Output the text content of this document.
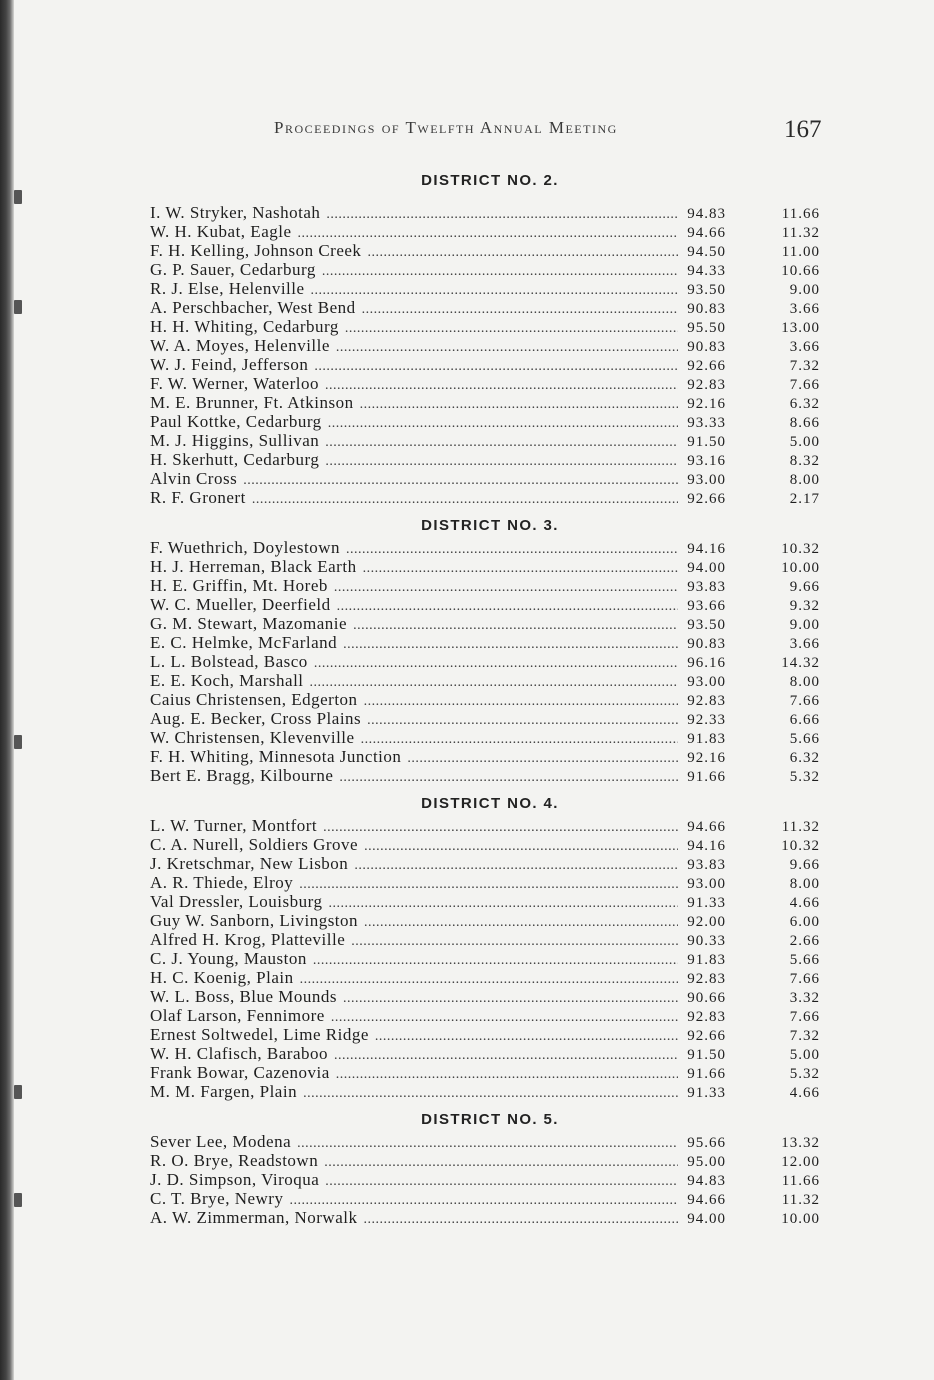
Proceedings of Twelfth Annual Meeting	167
DISTRICT NO. 2.
I. W. Stryker, Nashotah .....	94.83	11.66
W. H. Kubat, Eagle .....	94.66	11.32
F. H. Kelling, Johnson Creek .....	94.50	11.00
G. P. Sauer, Cedarburg .....	94.33	10.66
R. J. Else, Helenville .....	93.50	9.00
A. Perschbacher, West Bend .....	90.83	3.66
H. H. Whiting, Cedarburg .....	95.50	13.00
W. A. Moyes, Helenville .....	90.83	3.66
W. J. Feind, Jefferson .....	92.66	7.32
F. W. Werner, Waterloo .....	92.83	7.66
M. E. Brunner, Ft. Atkinson .....	92.16	6.32
Paul Kottke, Cedarburg .....	93.33	8.66
M. J. Higgins, Sullivan .....	91.50	5.00
H. Skerhutt, Cedarburg .....	93.16	8.32
Alvin Cross .....	93.00	8.00
R. F. Gronert .....	92.66	2.17
DISTRICT NO. 3.
F. Wuethrich, Doylestown .....	94.16	10.32
H. J. Herreman, Black Earth .....	94.00	10.00
H. E. Griffin, Mt. Horeb .....	93.83	9.66
W. C. Mueller, Deerfield .....	93.66	9.32
G. M. Stewart, Mazomanie .....	93.50	9.00
E. C. Helmke, McFarland .....	90.83	3.66
L. L. Bolstead, Basco .....	96.16	14.32
E. E. Koch, Marshall .....	93.00	8.00
Caius Christensen, Edgerton .....	92.83	7.66
Aug. E. Becker, Cross Plains .....	92.33	6.66
W. Christensen, Klevenville .....	91.83	5.66
F. H. Whiting, Minnesota Junction .....	92.16	6.32
Bert E. Bragg, Kilbourne .....	91.66	5.32
DISTRICT NO. 4.
L. W. Turner, Montfort .....	94.66	11.32
C. A. Nurell, Soldiers Grove .....	94.16	10.32
J. Kretschmar, New Lisbon .....	93.83	9.66
A. R. Thiede, Elroy .....	93.00	8.00
Val Dressler, Louisburg .....	91.33	4.66
Guy W. Sanborn, Livingston .....	92.00	6.00
Alfred H. Krog, Platteville .....	90.33	2.66
C. J. Young, Mauston .....	91.83	5.66
H. C. Koenig, Plain .....	92.83	7.66
W. L. Boss, Blue Mounds .....	90.66	3.32
Olaf Larson, Fennimore .....	92.83	7.66
Ernest Soltwedel, Lime Ridge .....	92.66	7.32
W. H. Clafisch, Baraboo .....	91.50	5.00
Frank Bowar, Cazenovia .....	91.66	5.32
M. M. Fargen, Plain .....	91.33	4.66
DISTRICT NO. 5.
Sever Lee, Modena .....	95.66	13.32
R. O. Brye, Readstown .....	95.00	12.00
J. D. Simpson, Viroqua .....	94.83	11.66
C. T. Brye, Newry .....	94.66	11.32
A. W. Zimmerman, Norwalk .....	94.00	10.00
